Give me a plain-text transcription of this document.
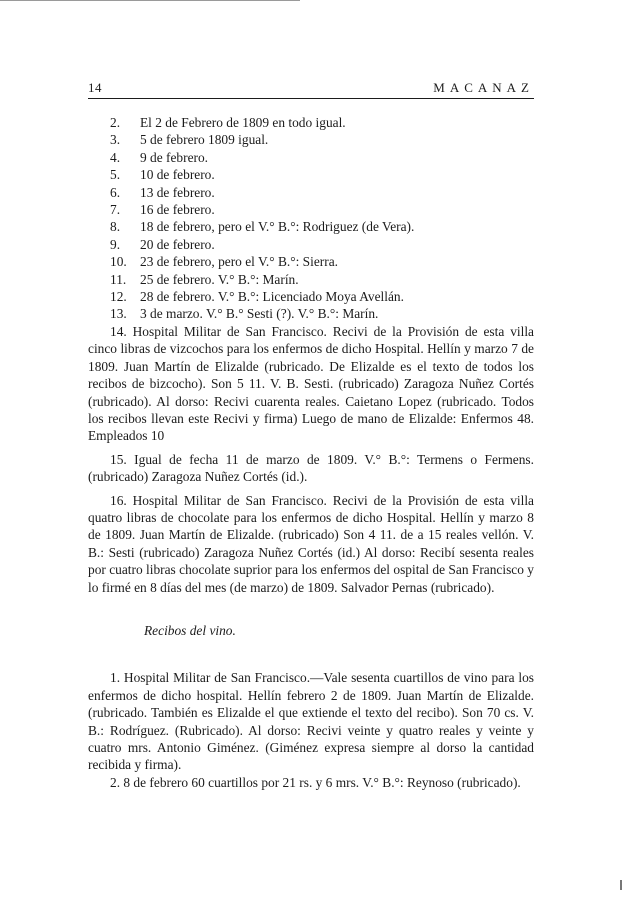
14	MACANAZ

2. El 2 de Febrero de 1809 en todo igual.

3. 5 de febrero 1809 igual.

4. 9 de febrero.

5. 10 de febrero.

6. 13 de febrero.

7. 16 de febrero.

8. 18 de febrero, pero el V.° B.°: Rodriguez (de Vera).

9. 20 de febrero.

10. 23 de febrero, pero el V.° B.°: Sierra.

11. 25 de febrero. V.° B.°: Marín.

12. 28 de febrero. V.° B.°: Licenciado Moya Avellán.

13. 3 de marzo. V.° B.° Sesti (?). V.° B.°: Marín.

14. Hospital Militar de San Francisco. Recivi de la Provisión de esta villa cinco libras de vizcochos para los enfermos de dicho Hospital. Hellín y marzo 7 de 1809. Juan Martín de Elizalde (rubricado. De Elizalde es el texto de todos los recibos de bizcocho). Son 5 11. V. B. Sesti. (rubricado) Zaragoza Nuñez Cortés (rubricado). Al dorso: Recivi cuarenta reales. Caietano Lopez (rubricado. Todos los recibos llevan este Recivi y firma) Luego de mano de Elizalde: Enfermos 48. Empleados 10

15. Igual de fecha 11 de marzo de 1809. V.° B.°: Termens o Fermens. (rubricado) Zaragoza Nuñez Cortés (id.).

16. Hospital Militar de San Francisco. Recivi de la Provisión de esta villa quatro libras de chocolate para los enfermos de dicho Hospital. Hellín y marzo 8 de 1809. Juan Martín de Elizalde. (rubricado) Son 4 11. de a 15 reales vellón. V. B.: Sesti (rubricado) Zaragoza Nuñez Cortés (id.) Al dorso: Recibí sesenta reales por cuatro libras chocolate suprior para los enfermos del ospital de San Francisco y lo firmé en 8 días del mes (de marzo) de 1809. Salvador Pernas (rubricado).

Recibos del vino.

1. Hospital Militar de San Francisco.—Vale sesenta cuartillos de vino para los enfermos de dicho hospital. Hellín febrero 2 de 1809. Juan Martín de Elizalde. (rubricado. También es Elizalde el que extiende el texto del recibo). Son 70 cs. V. B.: Rodríguez. (Rubricado). Al dorso: Recivi veinte y quatro reales y veinte y cuatro mrs. Antonio Giménez. (Giménez expresa siempre al dorso la cantidad recibida y firma).

2. 8 de febrero 60 cuartillos por 21 rs. y 6 mrs. V.° B.°: Reynoso (rubricado).
